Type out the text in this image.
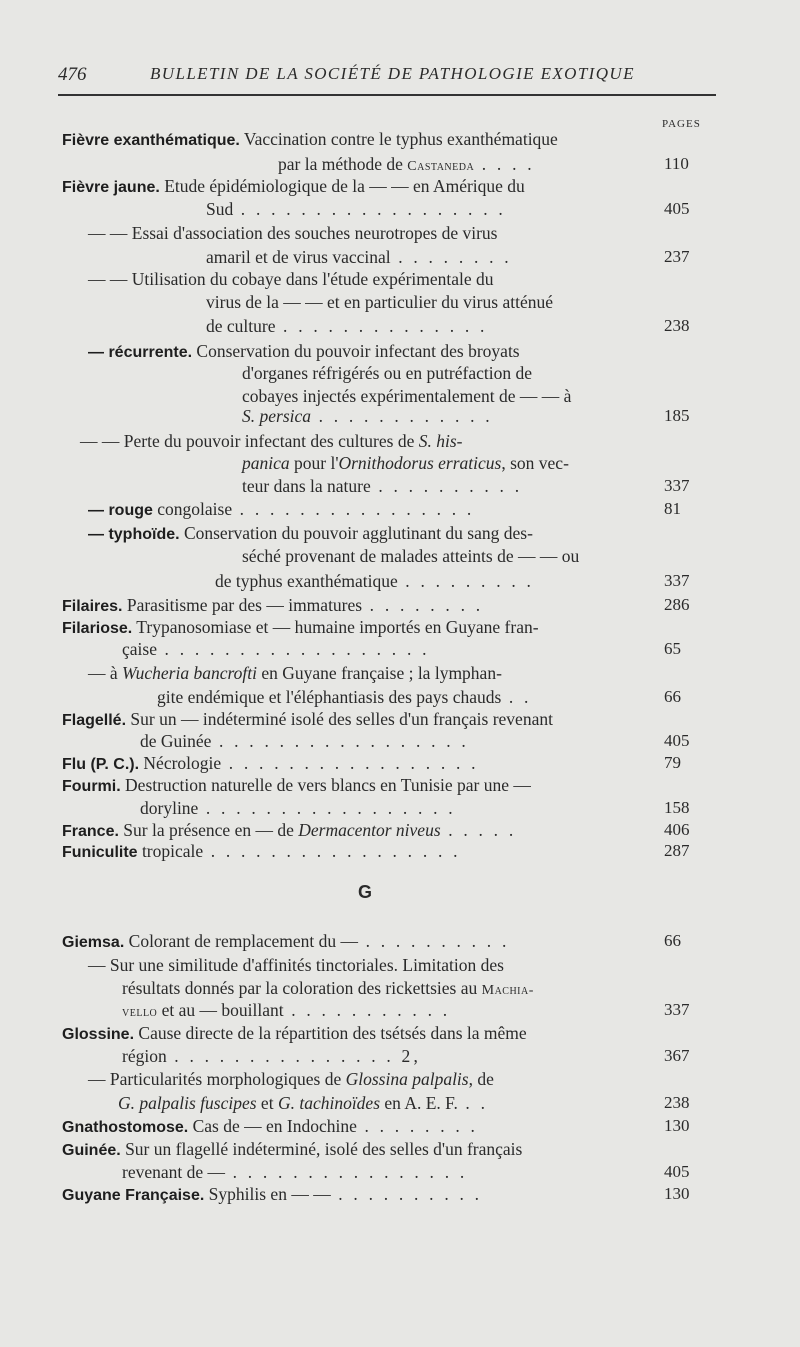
476	BULLETIN DE LA SOCIÉTÉ DE PATHOLOGIE EXOTIQUE
PAGES
Fièvre exanthématique. Vaccination contre le typhus exanthématique
par la méthode de Castaneda . . . .	110
Fièvre jaune. Etude épidémiologique de la — — en Amérique du
Sud . . . . . . . . . . . . . . . . . .	405
— — Essai d'association des souches neurotropes de virus
amaril et de virus vaccinal . . . . . . . .	237
— — Utilisation du cobaye dans l'étude expérimentale du
virus de la — — et en particulier du virus atténué
de culture . . . . . . . . . . . . . .	238
— récurrente. Conservation du pouvoir infectant des broyats
d'organes réfrigérés ou en putréfaction de
cobayes injectés expérimentalement de — — à
S. persica . . . . . . . . . . . .	185
— — Perte du pouvoir infectant des cultures de S. his-
panica pour l'Ornithodorus erraticus, son vec-
teur dans la nature . . . . . . . . . .	337
— rouge congolaise . . . . . . . . . . . . . . . .	81
— typhoïde. Conservation du pouvoir agglutinant du sang des-
séché provenant de malades atteints de — — ou
de typhus exanthématique . . . . . . . . .	337
Filaires. Parasitisme par des — immatures . . . . . . . .	286
Filariose. Trypanosomiase et — humaine importés en Guyane fran-
çaise . . . . . . . . . . . . . . . . . .	65
— à Wucheria bancrofti en Guyane française ; la lymphan-
gite endémique et l'éléphantiasis des pays chauds . .	66
Flagellé. Sur un — indéterminé isolé des selles d'un français revenant
de Guinée . . . . . . . . . . . . . . . . .	405
Flu (P. C.). Nécrologie . . . . . . . . . . . . . . . . .	79
Fourmi. Destruction naturelle de vers blancs en Tunisie par une —
doryline . . . . . . . . . . . . . . . . .	158
France. Sur la présence en — de Dermacentor niveus . . . . .	406
Funiculite tropicale . . . . . . . . . . . . . . . . .	287
G
Giemsa. Colorant de remplacement du — . . . . . . . . . .	66
— Sur une similitude d'affinités tinctoriales. Limitation des
résultats donnés par la coloration des rickettsies au Machia-
vello et au — bouillant . . . . . . . . . . .	337
Glossine. Cause directe de la répartition des tsétsés dans la même
région . . . . . . . . . . . . . . . 2,	367
— Particularités morphologiques de Glossina palpalis, de
G. palpalis fuscipes et G. tachinoïdes en A. E. F. . .	238
Gnathostomose. Cas de — en Indochine . . . . . . . .	130
Guinée. Sur un flagellé indéterminé, isolé des selles d'un français
revenant de — . . . . . . . . . . . . . . . .	405
Guyane Française. Syphilis en — — . . . . . . . . . .	130
